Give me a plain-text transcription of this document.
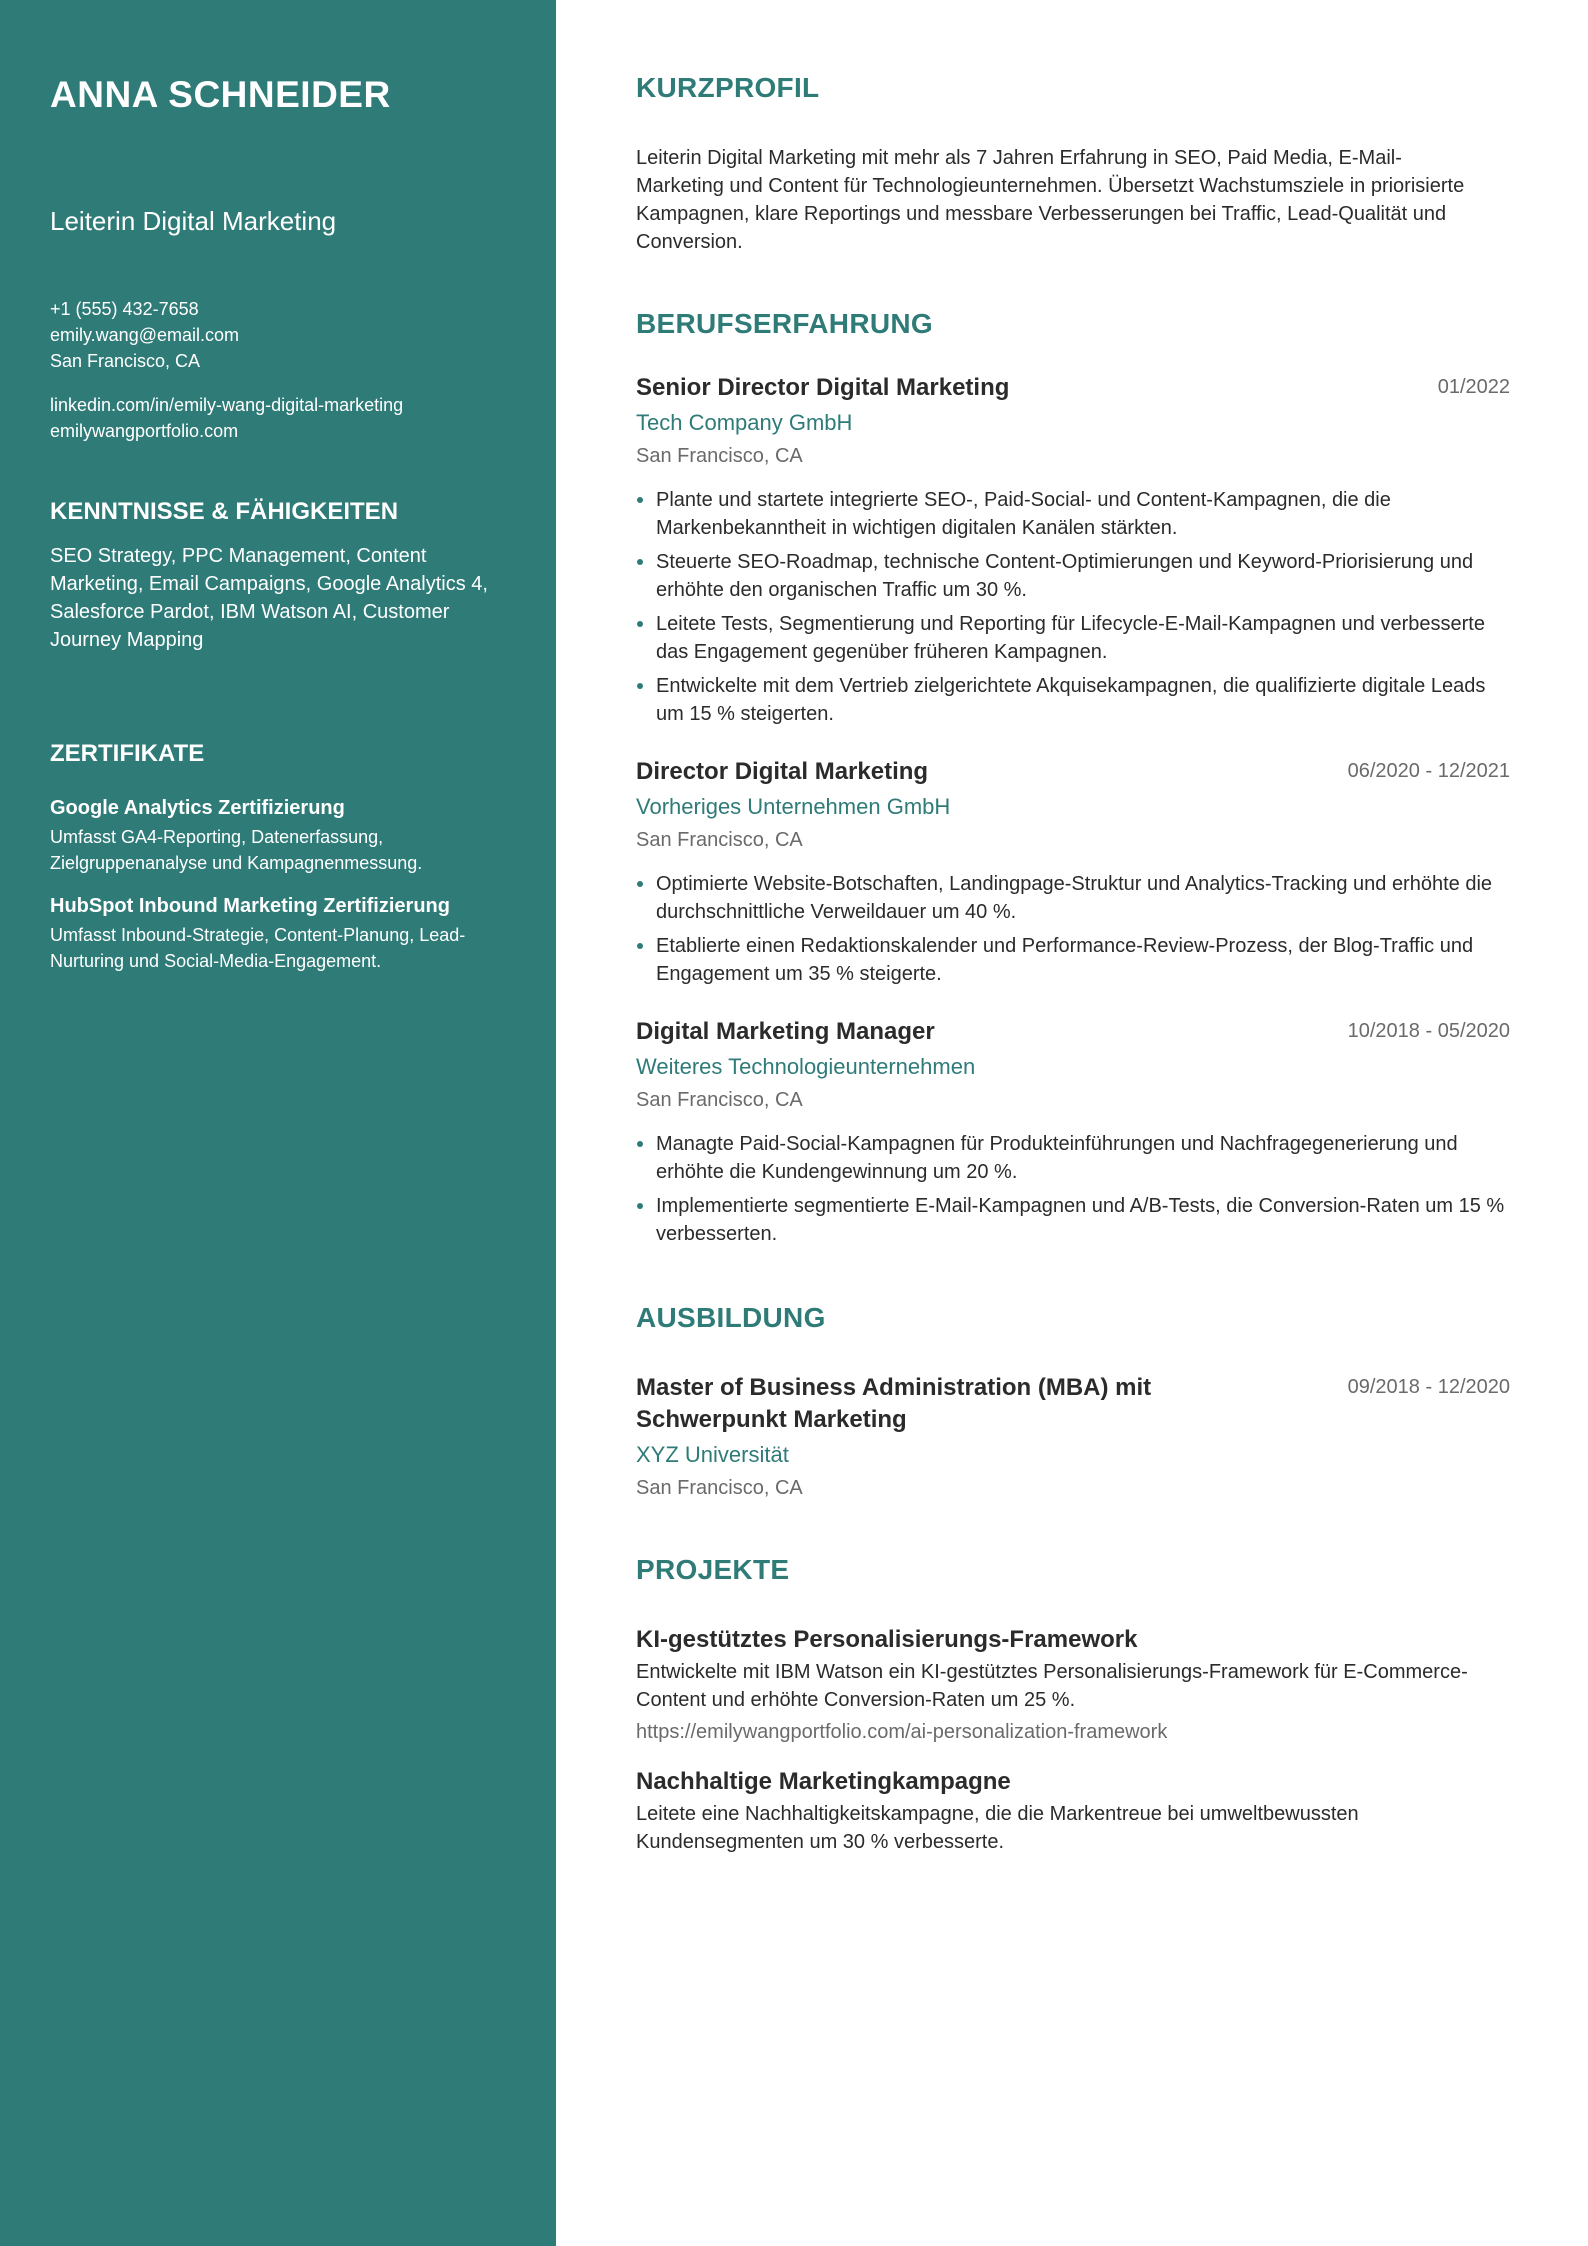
ANNA SCHNEIDER
Leiterin Digital Marketing
+1 (555) 432-7658
emily.wang@email.com
San Francisco, CA
linkedin.com/in/emily-wang-digital-marketing
emilywangportfolio.com
KENNTNISSE & FÄHIGKEITEN
SEO Strategy, PPC Management, Content Marketing, Email Campaigns, Google Analytics 4, Salesforce Pardot, IBM Watson AI, Customer Journey Mapping
ZERTIFIKATE
Google Analytics Zertifizierung
Umfasst GA4-Reporting, Datenerfassung, Zielgruppenanalyse und Kampagnenmessung.
HubSpot Inbound Marketing Zertifizierung
Umfasst Inbound-Strategie, Content-Planung, Lead-Nurturing und Social-Media-Engagement.
KURZPROFIL
Leiterin Digital Marketing mit mehr als 7 Jahren Erfahrung in SEO, Paid Media, E-Mail-Marketing und Content für Technologieunternehmen. Übersetzt Wachstumsziele in priorisierte Kampagnen, klare Reportings und messbare Verbesserungen bei Traffic, Lead-Qualität und Conversion.
BERUFSERFAHRUNG
Senior Director Digital Marketing	01/2022
Tech Company GmbH
San Francisco, CA
Plante und startete integrierte SEO-, Paid-Social- und Content-Kampagnen, die die Markenbekanntheit in wichtigen digitalen Kanälen stärkten.
Steuerte SEO-Roadmap, technische Content-Optimierungen und Keyword-Priorisierung und erhöhte den organischen Traffic um 30 %.
Leitete Tests, Segmentierung und Reporting für Lifecycle-E-Mail-Kampagnen und verbesserte das Engagement gegenüber früheren Kampagnen.
Entwickelte mit dem Vertrieb zielgerichtete Akquisekampagnen, die qualifizierte digitale Leads um 15 % steigerten.
Director Digital Marketing	06/2020 - 12/2021
Vorheriges Unternehmen GmbH
San Francisco, CA
Optimierte Website-Botschaften, Landingpage-Struktur und Analytics-Tracking und erhöhte die durchschnittliche Verweildauer um 40 %.
Etablierte einen Redaktionskalender und Performance-Review-Prozess, der Blog-Traffic und Engagement um 35 % steigerte.
Digital Marketing Manager	10/2018 - 05/2020
Weiteres Technologieunternehmen
San Francisco, CA
Managte Paid-Social-Kampagnen für Produkteinführungen und Nachfragegenerierung und erhöhte die Kundengewinnung um 20 %.
Implementierte segmentierte E-Mail-Kampagnen und A/B-Tests, die Conversion-Raten um 15 % verbesserten.
AUSBILDUNG
Master of Business Administration (MBA) mit Schwerpunkt Marketing
09/2018 - 12/2020
XYZ Universität
San Francisco, CA
PROJEKTE
KI-gestütztes Personalisierungs-Framework
Entwickelte mit IBM Watson ein KI-gestütztes Personalisierungs-Framework für E-Commerce-Content und erhöhte Conversion-Raten um 25 %.
https://emilywangportfolio.com/ai-personalization-framework
Nachhaltige Marketingkampagne
Leitete eine Nachhaltigkeitskampagne, die die Markentreue bei umweltbewussten Kundensegmenten um 30 % verbesserte.
